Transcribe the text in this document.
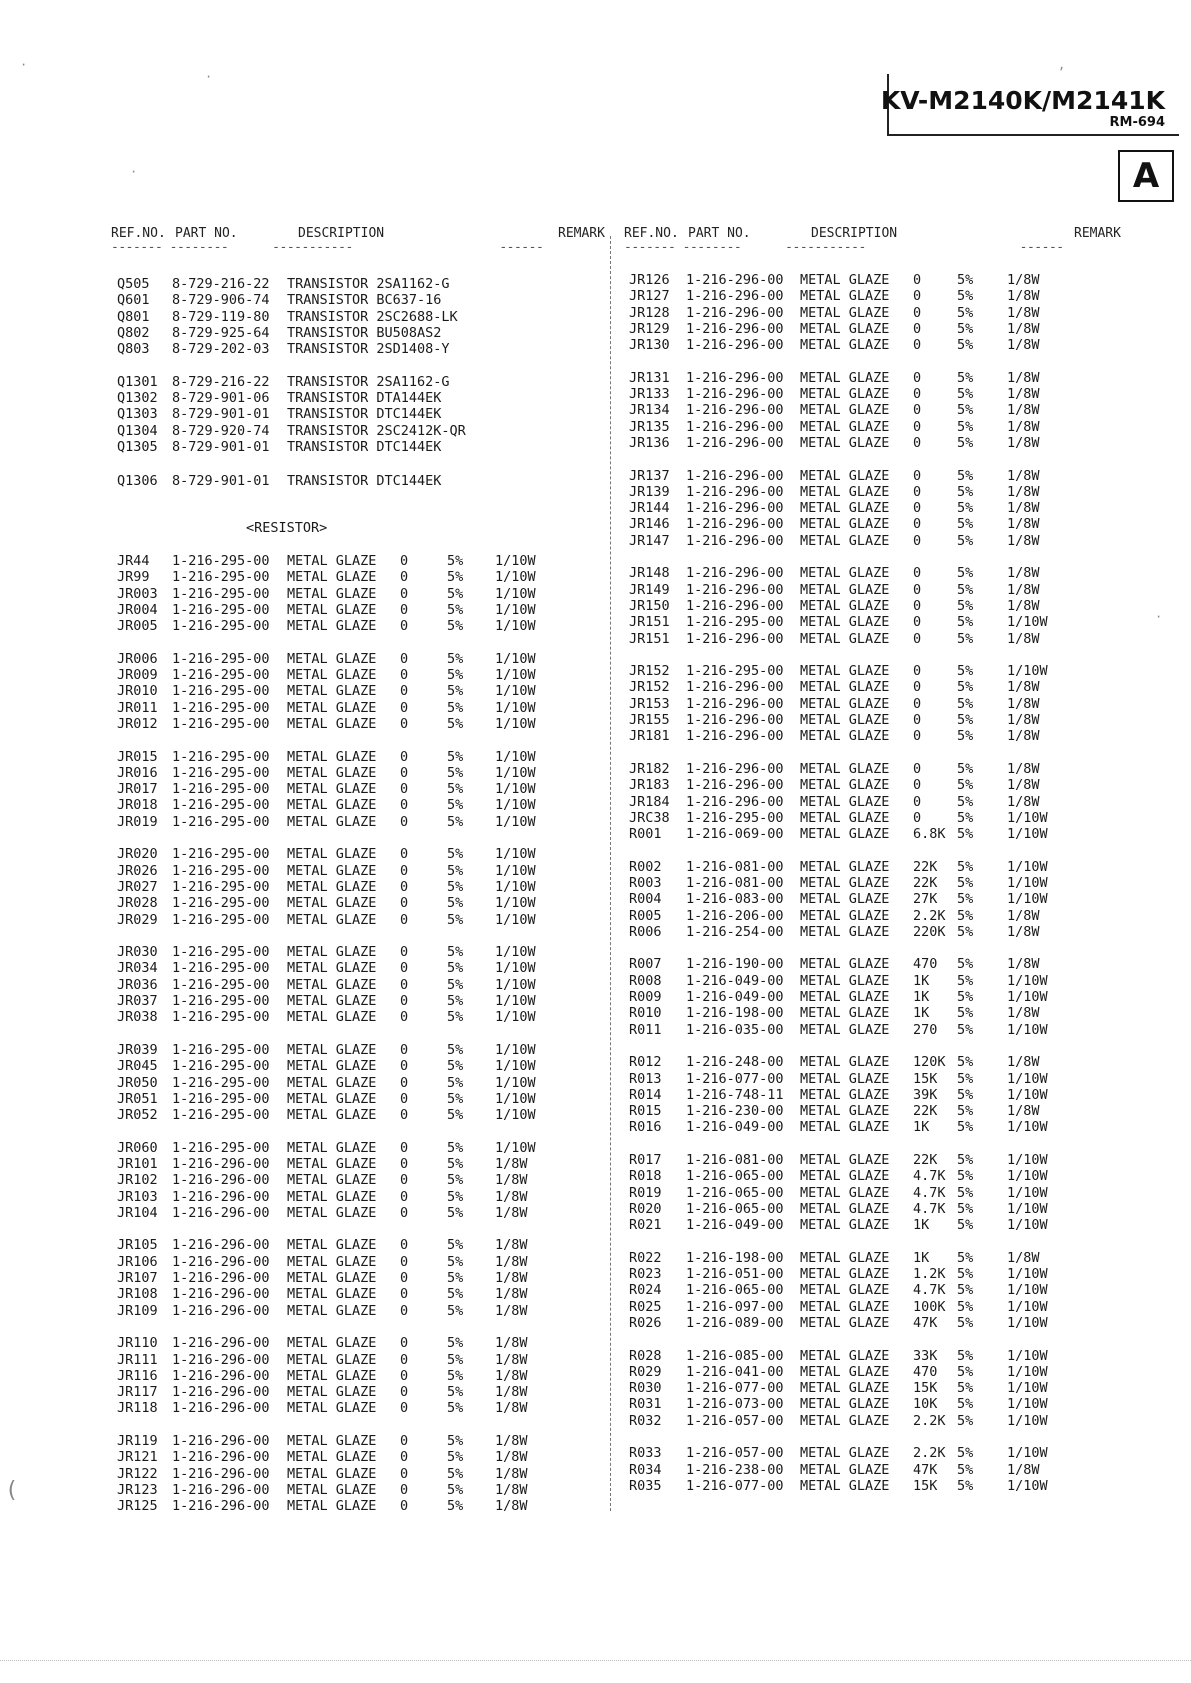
KV-M2140K/M2141K
RM-694
A
REF.NO. PART NO.	DESCRIPTION	REMARK
------- --------      -----------                    ------
REF.NO. PART NO.	DESCRIPTION	REMARK
------- --------      -----------                     ------
Q505 8-729-216-22 TRANSISTOR 2SA1162-G
Q601 8-729-906-74 TRANSISTOR BC637-16
Q801 8-729-119-80 TRANSISTOR 2SC2688-LK
Q802 8-729-925-64 TRANSISTOR BU508AS2
Q803 8-729-202-03 TRANSISTOR 2SD1408-Y
Q1301 8-729-216-22 TRANSISTOR 2SA1162-G
Q1302 8-729-901-06 TRANSISTOR DTA144EK
Q1303 8-729-901-01 TRANSISTOR DTC144EK
Q1304 8-729-920-74 TRANSISTOR 2SC2412K-QR
Q1305 8-729-901-01 TRANSISTOR DTC144EK
Q1306 8-729-901-01 TRANSISTOR DTC144EK
<RESISTOR>
JR44 1-216-295-00 METAL GLAZE 0	5% 1/10W
JR99 1-216-295-00 METAL GLAZE 0	5% 1/10W
JR003 1-216-295-00 METAL GLAZE 0	5% 1/10W
JR004 1-216-295-00 METAL GLAZE 0	5% 1/10W
JR005 1-216-295-00 METAL GLAZE 0	5% 1/10W
JR006 1-216-295-00 METAL GLAZE 0	5% 1/10W
JR009 1-216-295-00 METAL GLAZE 0	5% 1/10W
JR010 1-216-295-00 METAL GLAZE 0	5% 1/10W
JR011 1-216-295-00 METAL GLAZE 0	5% 1/10W
JR012 1-216-295-00 METAL GLAZE 0	5% 1/10W
JR015 1-216-295-00 METAL GLAZE 0	5% 1/10W
JR016 1-216-295-00 METAL GLAZE 0	5% 1/10W
JR017 1-216-295-00 METAL GLAZE 0	5% 1/10W
JR018 1-216-295-00 METAL GLAZE 0	5% 1/10W
JR019 1-216-295-00 METAL GLAZE 0	5% 1/10W
JR020 1-216-295-00 METAL GLAZE 0	5% 1/10W
JR026 1-216-295-00 METAL GLAZE 0	5% 1/10W
JR027 1-216-295-00 METAL GLAZE 0	5% 1/10W
JR028 1-216-295-00 METAL GLAZE 0	5% 1/10W
JR029 1-216-295-00 METAL GLAZE 0	5% 1/10W
JR030 1-216-295-00 METAL GLAZE 0	5% 1/10W
JR034 1-216-295-00 METAL GLAZE 0	5% 1/10W
JR036 1-216-295-00 METAL GLAZE 0	5% 1/10W
JR037 1-216-295-00 METAL GLAZE 0	5% 1/10W
JR038 1-216-295-00 METAL GLAZE 0	5% 1/10W
JR039 1-216-295-00 METAL GLAZE 0	5% 1/10W
JR045 1-216-295-00 METAL GLAZE 0	5% 1/10W
JR050 1-216-295-00 METAL GLAZE 0	5% 1/10W
JR051 1-216-295-00 METAL GLAZE 0	5% 1/10W
JR052 1-216-295-00 METAL GLAZE 0	5% 1/10W
JR060 1-216-295-00 METAL GLAZE 0	5% 1/10W
JR101 1-216-296-00 METAL GLAZE 0	5% 1/8W
JR102 1-216-296-00 METAL GLAZE 0	5% 1/8W
JR103 1-216-296-00 METAL GLAZE 0	5% 1/8W
JR104 1-216-296-00 METAL GLAZE 0	5% 1/8W
JR105 1-216-296-00 METAL GLAZE 0	5% 1/8W
JR106 1-216-296-00 METAL GLAZE 0	5% 1/8W
JR107 1-216-296-00 METAL GLAZE 0	5% 1/8W
JR108 1-216-296-00 METAL GLAZE 0	5% 1/8W
JR109 1-216-296-00 METAL GLAZE 0	5% 1/8W
JR110 1-216-296-00 METAL GLAZE 0	5% 1/8W
JR111 1-216-296-00 METAL GLAZE 0	5% 1/8W
JR116 1-216-296-00 METAL GLAZE 0	5% 1/8W
JR117 1-216-296-00 METAL GLAZE 0	5% 1/8W
JR118 1-216-296-00 METAL GLAZE 0	5% 1/8W
JR119 1-216-296-00 METAL GLAZE 0	5% 1/8W
JR121 1-216-296-00 METAL GLAZE 0	5% 1/8W
JR122 1-216-296-00 METAL GLAZE 0	5% 1/8W
JR123 1-216-296-00 METAL GLAZE 0	5% 1/8W
JR125 1-216-296-00 METAL GLAZE 0	5% 1/8W
JR126 1-216-296-00 METAL GLAZE 0	5% 1/8W
JR127 1-216-296-00 METAL GLAZE 0	5% 1/8W
JR128 1-216-296-00 METAL GLAZE 0	5% 1/8W
JR129 1-216-296-00 METAL GLAZE 0	5% 1/8W
JR130 1-216-296-00 METAL GLAZE 0	5% 1/8W
JR131 1-216-296-00 METAL GLAZE 0	5% 1/8W
JR133 1-216-296-00 METAL GLAZE 0	5% 1/8W
JR134 1-216-296-00 METAL GLAZE 0	5% 1/8W
JR135 1-216-296-00 METAL GLAZE 0	5% 1/8W
JR136 1-216-296-00 METAL GLAZE 0	5% 1/8W
JR137 1-216-296-00 METAL GLAZE 0	5% 1/8W
JR139 1-216-296-00 METAL GLAZE 0	5% 1/8W
JR144 1-216-296-00 METAL GLAZE 0	5% 1/8W
JR146 1-216-296-00 METAL GLAZE 0	5% 1/8W
JR147 1-216-296-00 METAL GLAZE 0	5% 1/8W
JR148 1-216-296-00 METAL GLAZE 0	5% 1/8W
JR149 1-216-296-00 METAL GLAZE 0	5% 1/8W
JR150 1-216-296-00 METAL GLAZE 0	5% 1/8W
JR151 1-216-295-00 METAL GLAZE 0	5% 1/10W
JR151 1-216-296-00 METAL GLAZE 0	5% 1/8W
JR152 1-216-295-00 METAL GLAZE 0	5% 1/10W
JR152 1-216-296-00 METAL GLAZE 0	5% 1/8W
JR153 1-216-296-00 METAL GLAZE 0	5% 1/8W
JR155 1-216-296-00 METAL GLAZE 0	5% 1/8W
JR181 1-216-296-00 METAL GLAZE 0	5% 1/8W
JR182 1-216-296-00 METAL GLAZE 0	5% 1/8W
JR183 1-216-296-00 METAL GLAZE 0	5% 1/8W
JR184 1-216-296-00 METAL GLAZE 0	5% 1/8W
JRC38 1-216-295-00 METAL GLAZE 0	5% 1/10W
R001 1-216-069-00 METAL GLAZE 6.8K 5% 1/10W
R002 1-216-081-00 METAL GLAZE 22K 5% 1/10W
R003 1-216-081-00 METAL GLAZE 22K 5% 1/10W
R004 1-216-083-00 METAL GLAZE 27K 5% 1/10W
R005 1-216-206-00 METAL GLAZE 2.2K 5% 1/8W
R006 1-216-254-00 METAL GLAZE 220K 5% 1/8W
R007 1-216-190-00 METAL GLAZE 470 5% 1/8W
R008 1-216-049-00 METAL GLAZE 1K 5% 1/10W
R009 1-216-049-00 METAL GLAZE 1K 5% 1/10W
R010 1-216-198-00 METAL GLAZE 1K 5% 1/8W
R011 1-216-035-00 METAL GLAZE 270 5% 1/10W
R012 1-216-248-00 METAL GLAZE 120K 5% 1/8W
R013 1-216-077-00 METAL GLAZE 15K 5% 1/10W
R014 1-216-748-11 METAL GLAZE 39K 5% 1/10W
R015 1-216-230-00 METAL GLAZE 22K 5% 1/8W
R016 1-216-049-00 METAL GLAZE 1K 5% 1/10W
R017 1-216-081-00 METAL GLAZE 22K 5% 1/10W
R018 1-216-065-00 METAL GLAZE 4.7K 5% 1/10W
R019 1-216-065-00 METAL GLAZE 4.7K 5% 1/10W
R020 1-216-065-00 METAL GLAZE 4.7K 5% 1/10W
R021 1-216-049-00 METAL GLAZE 1K 5% 1/10W
R022 1-216-198-00 METAL GLAZE 1K 5% 1/8W
R023 1-216-051-00 METAL GLAZE 1.2K 5% 1/10W
R024 1-216-065-00 METAL GLAZE 4.7K 5% 1/10W
R025 1-216-097-00 METAL GLAZE 100K 5% 1/10W
R026 1-216-089-00 METAL GLAZE 47K 5% 1/10W
R028 1-216-085-00 METAL GLAZE 33K 5% 1/10W
R029 1-216-041-00 METAL GLAZE 470 5% 1/10W
R030 1-216-077-00 METAL GLAZE 15K 5% 1/10W
R031 1-216-073-00 METAL GLAZE 10K 5% 1/10W
R032 1-216-057-00 METAL GLAZE 2.2K 5% 1/10W
R033 1-216-057-00 METAL GLAZE 2.2K 5% 1/10W
R034 1-216-238-00 METAL GLAZE 47K 5% 1/8W
R035 1-216-077-00 METAL GLAZE 15K 5% 1/10W
·
·
,
·
(
·
